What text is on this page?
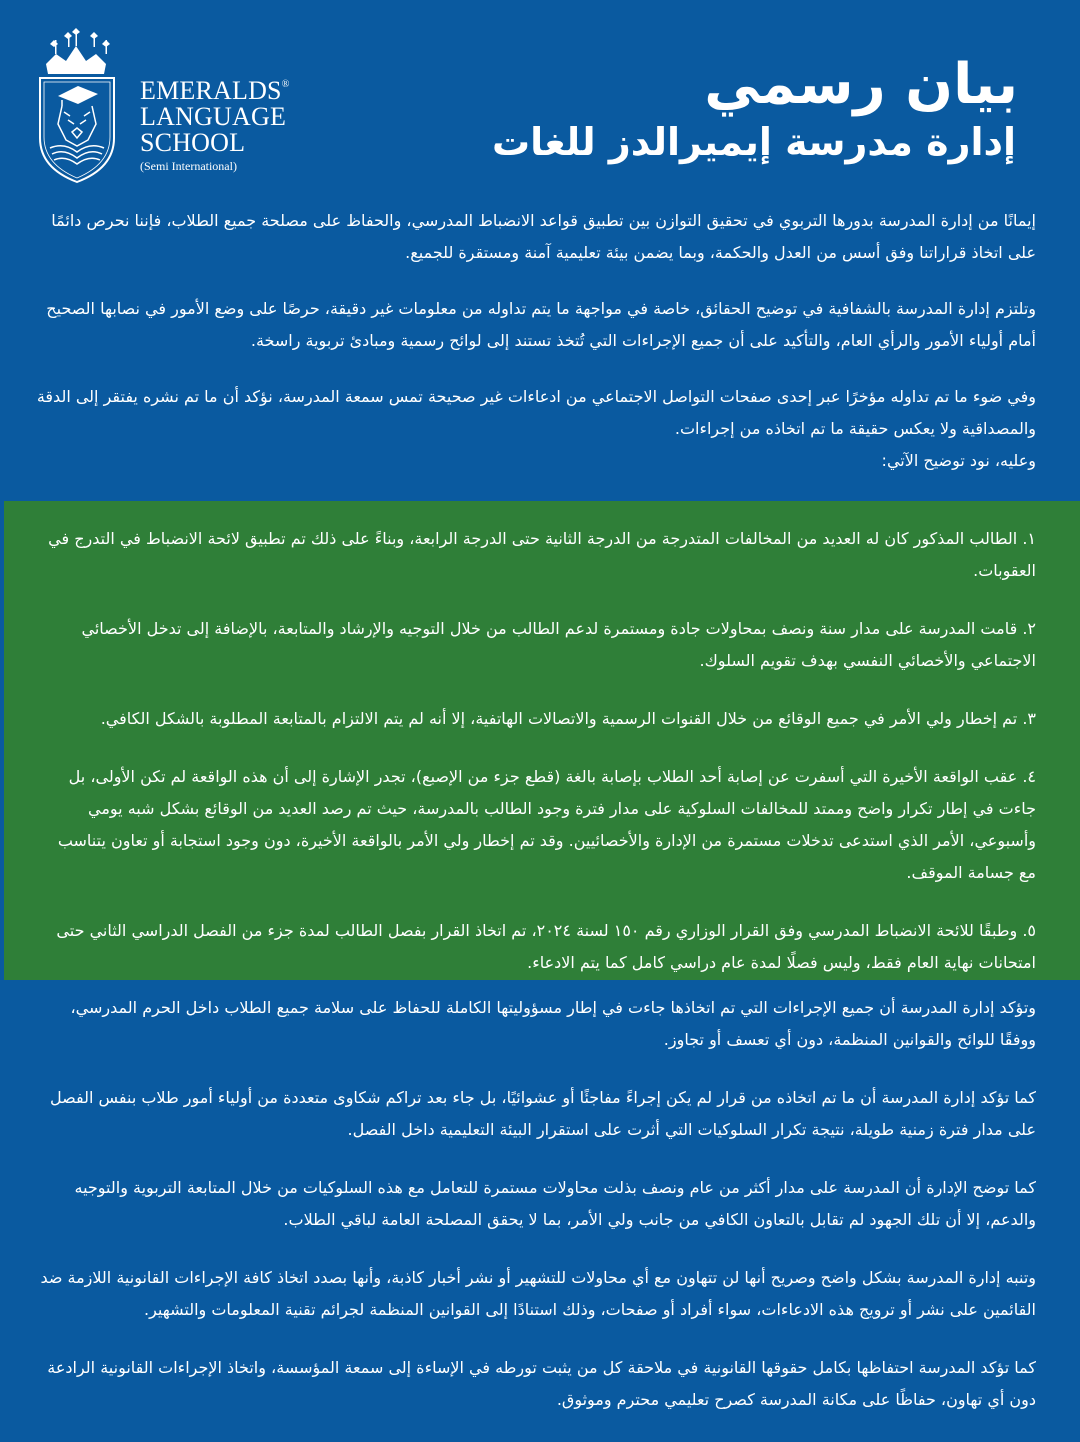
EMERALDS®
LANGUAGE
SCHOOL
(Semi International)
بيان رسمي
إدارة مدرسة إيميرالدز للغات

إيمانًا من إدارة المدرسة بدورها التربوي في تحقيق التوازن بين تطبيق قواعد الانضباط المدرسي، والحفاظ على مصلحة جميع الطلاب، فإننا نحرص دائمًا على اتخاذ قراراتنا وفق أسس من العدل والحكمة، وبما يضمن بيئة تعليمية آمنة ومستقرة للجميع.

وتلتزم إدارة المدرسة بالشفافية في توضيح الحقائق، خاصة في مواجهة ما يتم تداوله من معلومات غير دقيقة، حرصًا على وضع الأمور في نصابها الصحيح أمام أولياء الأمور والرأي العام، والتأكيد على أن جميع الإجراءات التي تُتخذ تستند إلى لوائح رسمية ومبادئ تربوية راسخة.

وفي ضوء ما تم تداوله مؤخرًا عبر إحدى صفحات التواصل الاجتماعي من ادعاءات غير صحيحة تمس سمعة المدرسة، نؤكد أن ما تم نشره يفتقر إلى الدقة والمصداقية ولا يعكس حقيقة ما تم اتخاذه من إجراءات.

وعليه، نود توضيح الآتي:

١. الطالب المذكور كان له العديد من المخالفات المتدرجة من الدرجة الثانية حتى الدرجة الرابعة، وبناءً على ذلك تم تطبيق لائحة الانضباط في التدرج في العقوبات.

٢. قامت المدرسة على مدار سنة ونصف بمحاولات جادة ومستمرة لدعم الطالب من خلال التوجيه والإرشاد والمتابعة، بالإضافة إلى تدخل الأخصائي الاجتماعي والأخصائي النفسي بهدف تقويم السلوك.

٣. تم إخطار ولي الأمر في جميع الوقائع من خلال القنوات الرسمية والاتصالات الهاتفية، إلا أنه لم يتم الالتزام بالمتابعة المطلوبة بالشكل الكافي.

٤. عقب الواقعة الأخيرة التي أسفرت عن إصابة أحد الطلاب بإصابة بالغة (قطع جزء من الإصبع)، تجدر الإشارة إلى أن هذه الواقعة لم تكن الأولى، بل جاءت في إطار تكرار واضح وممتد للمخالفات السلوكية على مدار فترة وجود الطالب بالمدرسة، حيث تم رصد العديد من الوقائع بشكل شبه يومي وأسبوعي، الأمر الذي استدعى تدخلات مستمرة من الإدارة والأخصائيين. وقد تم إخطار ولي الأمر بالواقعة الأخيرة، دون وجود استجابة أو تعاون يتناسب مع جسامة الموقف.

٥. وطبقًا للائحة الانضباط المدرسي وفق القرار الوزاري رقم ١٥٠ لسنة ٢٠٢٤، تم اتخاذ القرار بفصل الطالب لمدة جزء من الفصل الدراسي الثاني حتى امتحانات نهاية العام فقط، وليس فصلًا لمدة عام دراسي كامل كما يتم الادعاء.

وتؤكد إدارة المدرسة أن جميع الإجراءات التي تم اتخاذها جاءت في إطار مسؤوليتها الكاملة للحفاظ على سلامة جميع الطلاب داخل الحرم المدرسي، ووفقًا للوائح والقوانين المنظمة، دون أي تعسف أو تجاوز.

كما تؤكد إدارة المدرسة أن ما تم اتخاذه من قرار لم يكن إجراءً مفاجئًا أو عشوائيًا، بل جاء بعد تراكم شكاوى متعددة من أولياء أمور طلاب بنفس الفصل على مدار فترة زمنية طويلة، نتيجة تكرار السلوكيات التي أثرت على استقرار البيئة التعليمية داخل الفصل.

كما توضح الإدارة أن المدرسة على مدار أكثر من عام ونصف بذلت محاولات مستمرة للتعامل مع هذه السلوكيات من خلال المتابعة التربوية والتوجيه والدعم، إلا أن تلك الجهود لم تقابل بالتعاون الكافي من جانب ولي الأمر، بما لا يحقق المصلحة العامة لباقي الطلاب.

وتنبه إدارة المدرسة بشكل واضح وصريح أنها لن تتهاون مع أي محاولات للتشهير أو نشر أخبار كاذبة، وأنها بصدد اتخاذ كافة الإجراءات القانونية اللازمة ضد القائمين على نشر أو ترويج هذه الادعاءات، سواء أفراد أو صفحات، وذلك استنادًا إلى القوانين المنظمة لجرائم تقنية المعلومات والتشهير.

كما تؤكد المدرسة احتفاظها بكامل حقوقها القانونية في ملاحقة كل من يثبت تورطه في الإساءة إلى سمعة المؤسسة، واتخاذ الإجراءات القانونية الرادعة دون أي تهاون، حفاظًا على مكانة المدرسة كصرح تعليمي محترم وموثوق.
